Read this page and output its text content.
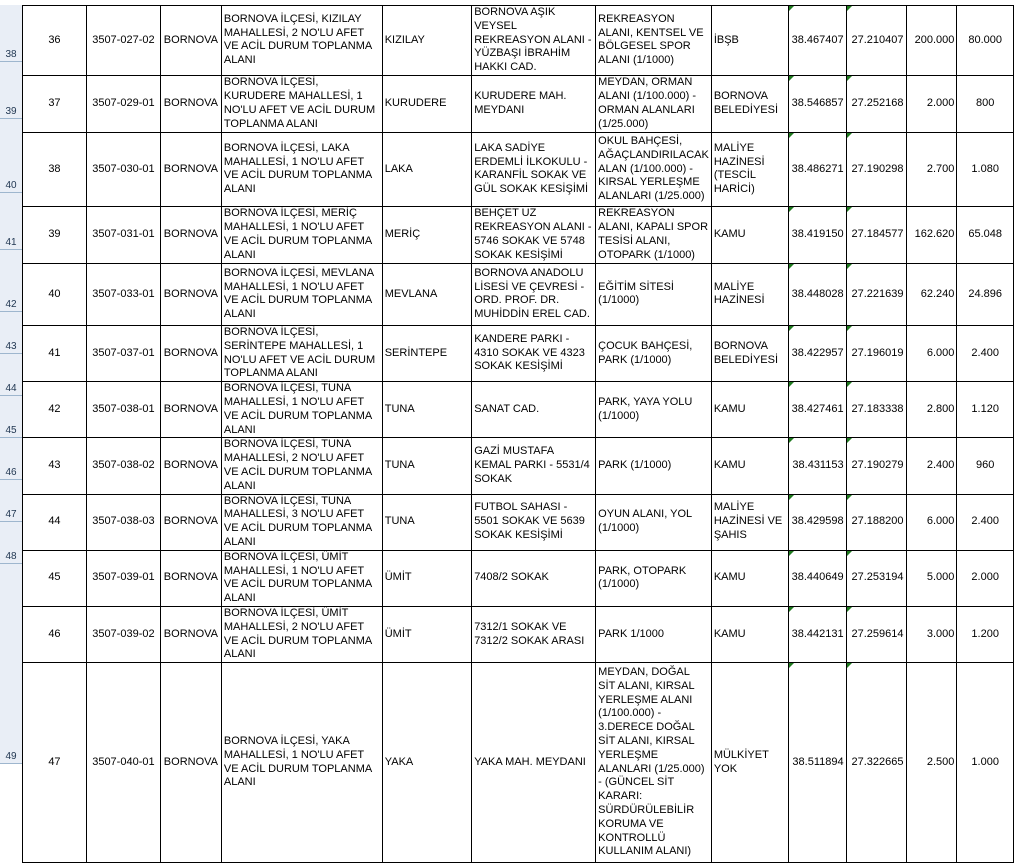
38
39
40
41
42
43
44
45
46
47
48
49
36	3507-027-02	BORNOVA	BORNOVA İLÇESİ, KIZILAY MAHALLESİ, 2 NO'LU AFET VE ACİL DURUM TOPLANMA ALANI	KIZILAY	BORNOVA AŞIK VEYSEL REKREASYON ALANI - YÜZBAŞI İBRAHİM HAKKI CAD.	REKREASYON ALANI, KENTSEL VE BÖLGESEL SPOR ALANI (1/1000)	İBŞB	38.467407	27.210407	200.000	80.000
37	3507-029-01	BORNOVA	BORNOVA İLÇESİ, KURUDERE MAHALLESİ, 1 NO'LU AFET VE ACİL DURUM TOPLANMA ALANI	KURUDERE	KURUDERE MAH. MEYDANI	MEYDAN, ORMAN ALANI (1/100.000) - ORMAN ALANLARI (1/25.000)	BORNOVA BELEDİYESİ	38.546857	27.252168	2.000	800
38	3507-030-01	BORNOVA	BORNOVA İLÇESİ, LAKA MAHALLESİ, 1 NO'LU AFET VE ACİL DURUM TOPLANMA ALANI	LAKA	LAKA SADİYE ERDEMLİ İLKOKULU - KARANFİL SOKAK VE GÜL SOKAK KESİŞİMİ	OKUL BAHÇESİ, AĞAÇLANDIRILACAK ALAN (1/100.000) - KIRSAL YERLEŞME ALANLARI (1/25.000)	MALİYE HAZİNESİ (TESCİL HARİCİ)	38.486271	27.190298	2.700	1.080
39	3507-031-01	BORNOVA	BORNOVA İLÇESİ, MERİÇ MAHALLESİ, 1 NO'LU AFET VE ACİL DURUM TOPLANMA ALANI	MERİÇ	BEHÇET UZ REKREASYON ALANI - 5746 SOKAK VE 5748 SOKAK KESİŞİMİ	REKREASYON ALANI, KAPALI SPOR TESİSİ ALANI, OTOPARK (1/1000)	KAMU	38.419150	27.184577	162.620	65.048
40	3507-033-01	BORNOVA	BORNOVA İLÇESİ, MEVLANA MAHALLESİ, 1 NO'LU AFET VE ACİL DURUM TOPLANMA ALANI	MEVLANA	BORNOVA ANADOLU LİSESİ VE ÇEVRESİ - ORD. PROF. DR. MUHİDDİN EREL CAD.	EĞİTİM SİTESİ (1/1000)	MALİYE HAZİNESİ	38.448028	27.221639	62.240	24.896
41	3507-037-01	BORNOVA	BORNOVA İLÇESİ, SERİNTEPE MAHALLESİ, 1 NO'LU AFET VE ACİL DURUM TOPLANMA ALANI	SERİNTEPE	KANDERE PARKI - 4310 SOKAK VE 4323 SOKAK KESİŞİMİ	ÇOCUK BAHÇESİ, PARK (1/1000)	BORNOVA BELEDİYESİ	38.422957	27.196019	6.000	2.400
42	3507-038-01	BORNOVA	BORNOVA İLÇESİ, TUNA MAHALLESİ, 1 NO'LU AFET VE ACİL DURUM TOPLANMA ALANI	TUNA	SANAT CAD.	PARK, YAYA YOLU (1/1000)	KAMU	38.427461	27.183338	2.800	1.120
43	3507-038-02	BORNOVA	BORNOVA İLÇESİ, TUNA MAHALLESİ, 2 NO'LU AFET VE ACİL DURUM TOPLANMA ALANI	TUNA	GAZİ MUSTAFA KEMAL PARKI - 5531/4 SOKAK	PARK (1/1000)	KAMU	38.431153	27.190279	2.400	960
44	3507-038-03	BORNOVA	BORNOVA İLÇESİ, TUNA MAHALLESİ, 3 NO'LU AFET VE ACİL DURUM TOPLANMA ALANI	TUNA	FUTBOL SAHASI - 5501 SOKAK VE 5639 SOKAK KESİŞİMİ	OYUN ALANI, YOL (1/1000)	MALİYE HAZİNESİ VE ŞAHIS	38.429598	27.188200	6.000	2.400
45	3507-039-01	BORNOVA	BORNOVA İLÇESİ, ÜMİT MAHALLESİ, 1 NO'LU AFET VE ACİL DURUM TOPLANMA ALANI	ÜMİT	7408/2 SOKAK	PARK, OTOPARK (1/1000)	KAMU	38.440649	27.253194	5.000	2.000
46	3507-039-02	BORNOVA	BORNOVA İLÇESİ, ÜMİT MAHALLESİ, 2 NO'LU AFET VE ACİL DURUM TOPLANMA ALANI	ÜMİT	7312/1 SOKAK VE 7312/2 SOKAK ARASI	PARK 1/1000	KAMU	38.442131	27.259614	3.000	1.200
47	3507-040-01	BORNOVA	BORNOVA İLÇESİ, YAKA MAHALLESİ, 1 NO'LU AFET VE ACİL DURUM TOPLANMA ALANI	YAKA	YAKA MAH. MEYDANI	MEYDAN, DOĞAL SİT ALANI, KIRSAL YERLEŞME ALANI (1/100.000) - 3.DERECE DOĞAL SİT ALANI, KIRSAL YERLEŞME ALANLARI (1/25.000) - (GÜNCEL SİT KARARI: SÜRDÜRÜLEBİLİR KORUMA VE KONTROLLÜ KULLANIM ALANI)	MÜLKİYET YOK	38.511894	27.322665	2.500	1.000
